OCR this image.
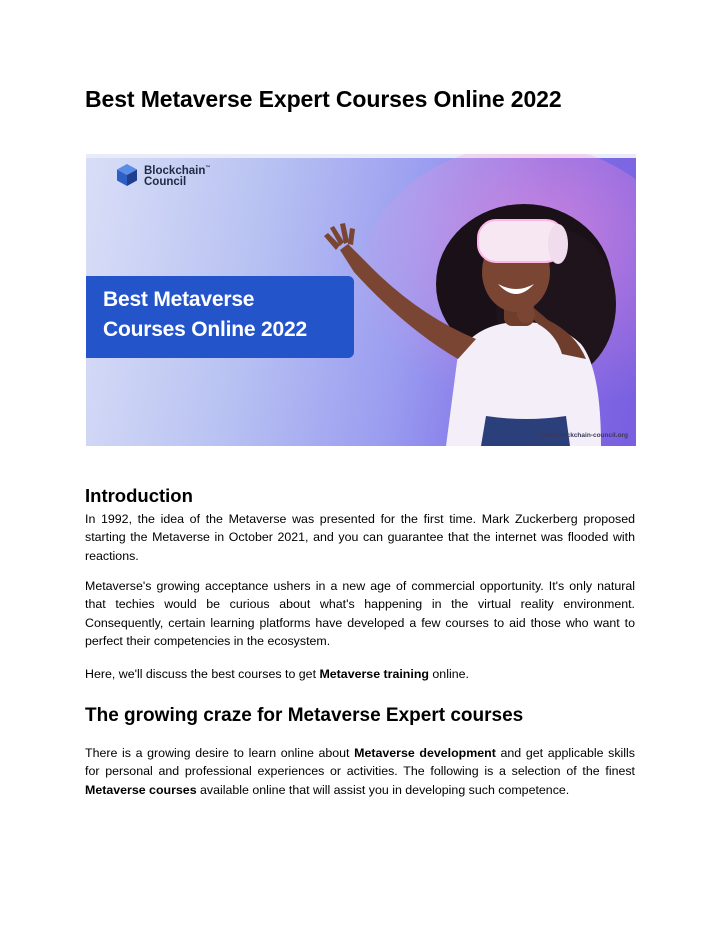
Best Metaverse Expert Courses Online 2022
Blockchain™
Council
Best Metaverse
Courses Online 2022
www.blockchain-council.org
Introduction

In 1992, the idea of the Metaverse was presented for the first time. Mark Zuckerberg proposed starting the Metaverse in October 2021, and you can guarantee that the internet was flooded with reactions.

Metaverse's growing acceptance ushers in a new age of commercial opportunity. It's only natural that techies would be curious about what's happening in the virtual reality environment. Consequently, certain learning platforms have developed a few courses to aid those who want to perfect their competencies in the ecosystem.

Here, we'll discuss the best courses to get Metaverse training online.

The growing craze for Metaverse Expert courses

There is a growing desire to learn online about Metaverse development and get applicable skills for personal and professional experiences or activities. The following is a selection of the finest Metaverse courses available online that will assist you in developing such competence.
